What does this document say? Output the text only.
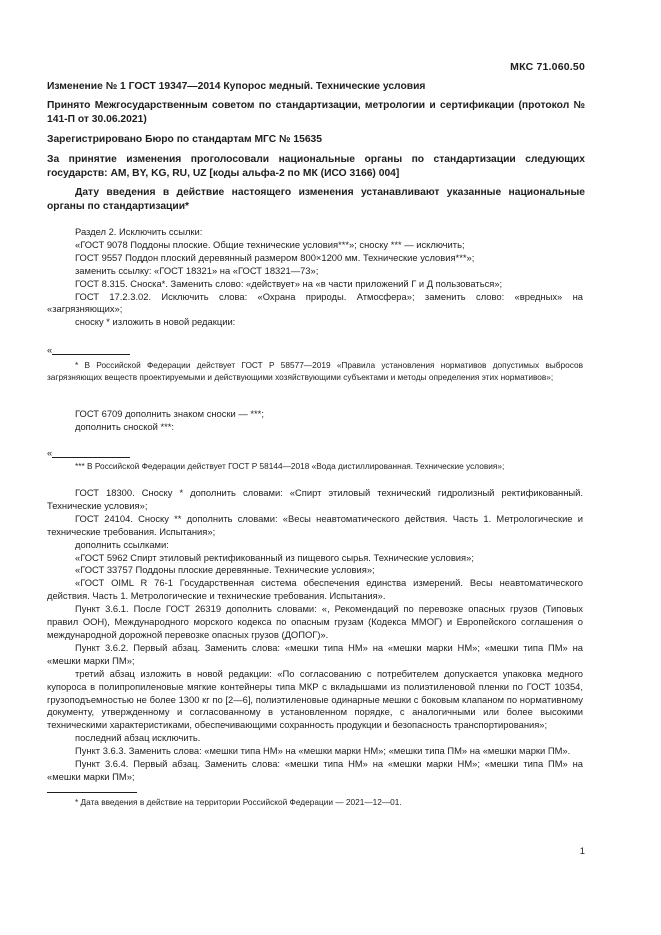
МКС 71.060.50
Изменение № 1 ГОСТ 19347—2014 Купорос медный. Технические условия
Принято Межгосударственным советом по стандартизации, метрологии и сертификации (протокол № 141-П от 30.06.2021)
Зарегистрировано Бюро по стандартам МГС № 15635
За принятие изменения проголосовали национальные органы по стандартизации следующих государств: AM, BY, KG, RU, UZ [коды альфа-2 по МК (ИСО 3166) 004]
Дату введения в действие настоящего изменения устанавливают указанные национальные органы по стандартизации*

Раздел 2. Исключить ссылки:

«ГОСТ 9078 Поддоны плоские. Общие технические условия***»; сноску *** — исключить;

ГОСТ 9557 Поддон плоский деревянный размером 800×1200 мм. Технические условия***»;

заменить ссылку: «ГОСТ 18321» на «ГОСТ 18321—73»;

ГОСТ 8.315. Сноска*. Заменить слово: «действует» на «в части приложений Г и Д пользоваться»;

ГОСТ 17.2.3.02. Исключить слова: «Охрана природы. Атмосфера»; заменить слово: «вредных» на «загрязняющих»;

сноску * изложить в новой редакции:

«

* В Российской Федерации действует ГОСТ Р 58577—2019 «Правила установления нормативов допустимых выбросов загрязняющих веществ проектируемыми и действующими хозяйствующими субъектами и методы определения этих нормативов»;

ГОСТ 6709 дополнить знаком сноски — ***;

дополнить сноской ***:

«

*** В Российской Федерации действует ГОСТ Р 58144—2018 «Вода дистиллированная. Технические условия»;

ГОСТ 18300. Сноску * дополнить словами: «Спирт этиловый технический гидролизный ректификованный. Технические условия»;

ГОСТ 24104. Сноску ** дополнить словами: «Весы неавтоматического действия. Часть 1. Метрологические и технические требования. Испытания»;

дополнить ссылками:

«ГОСТ 5962 Спирт этиловый ректификованный из пищевого сырья. Технические условия»;

«ГОСТ 33757 Поддоны плоские деревянные. Технические условия»;

«ГОСТ OIML R 76-1 Государственная система обеспечения единства измерений. Весы неавтоматического действия. Часть 1. Метрологические и технические требования. Испытания».

Пункт 3.6.1. После ГОСТ 26319 дополнить словами: «, Рекомендаций по перевозке опасных грузов (Типовых правил ООН), Международного морского кодекса по опасным грузам (Кодекса ММОГ) и Европейского соглашения о международной дорожной перевозке опасных грузов (ДОПОГ)».

Пункт 3.6.2. Первый абзац. Заменить слова: «мешки типа НМ» на «мешки марки НМ»; «мешки типа ПМ» на «мешки марки ПМ»;

третий абзац изложить в новой редакции: «По согласованию с потребителем допускается упаковка медного купороса в полипропиленовые мягкие контейнеры типа МКР с вкладышами из полиэтиленовой пленки по ГОСТ 10354, грузоподъемностью не более 1300 кг по [2—6], полиэтиленовые одинарные мешки с боковым клапаном по нормативному документу, утвержденному и согласованному в установленном порядке, с аналогичными или более высокими техническими характеристиками, обеспечивающими сохранность продукции и безопасность транспортирования»;

последний абзац исключить.

Пункт 3.6.3. Заменить слова: «мешки типа НМ» на «мешки марки НМ»; «мешки типа ПМ» на «мешки марки ПМ».

Пункт 3.6.4. Первый абзац. Заменить слова: «мешки типа НМ» на «мешки марки НМ»; «мешки типа ПМ» на «мешки марки ПМ»;

* Дата введения в действие на территории Российской Федерации — 2021—12—01.

1
